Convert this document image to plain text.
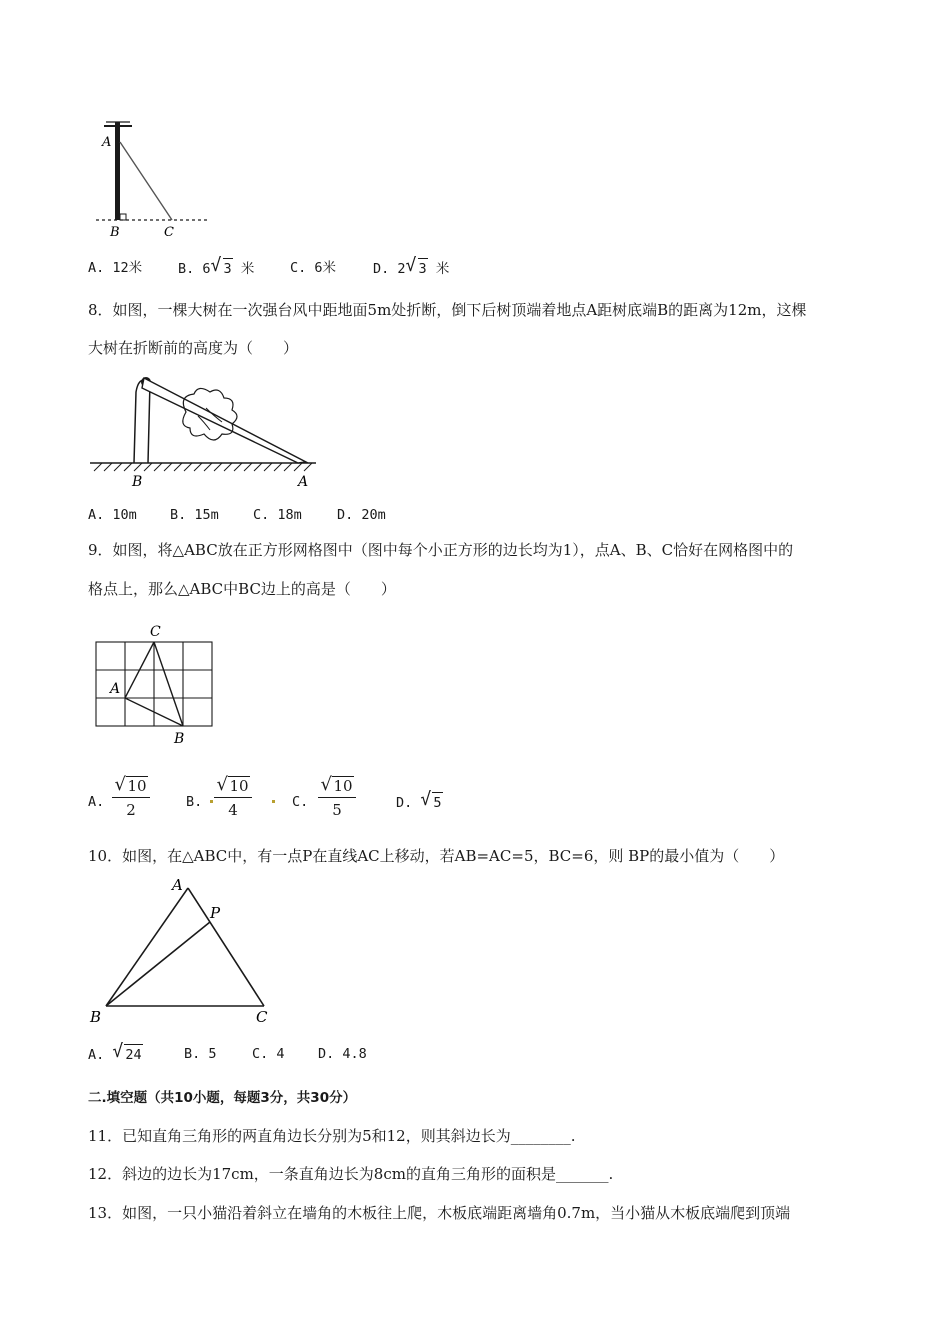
A
B	C
A. 12米	B. 6 √ 3 米	C. 6米	D. 2 √ 3 米
8．如图，一棵大树在一次强台风中距地面5m处折断，倒下后树顶端着地点A距树底端B的距离为12m，这棵
大树在折断前的高度为（　　）
B	A
A. 10m B. 15m	C. 18m	D. 20m
9．如图，将△ABC放在正方形网格图中（图中每个小正方形的边长均为1），点A、B、C恰好在网格图中的
格点上，那么△ABC中BC边上的高是（　　）
C
A
B
A.
√ 10
2	B.
√ 10
4	C.
√ 10
5	D. √ 5
10．如图，在△ABC中，有一点P在直线AC上移动，若AB=AC=5，BC=6，则 BP的最小值为（　　）
A
P
B	C
A. √ 24	B. 5	C. 4 D. 4.8
二.填空题（共10小题，每题3分，共30分）
11．已知直角三角形的两直角边长分别为5和12，则其斜边长为________.
12．斜边的边长为17cm，一条直角边长为8cm的直角三角形的面积是_______.
13．如图，一只小猫沿着斜立在墙角的木板往上爬，木板底端距离墙角0.7m，当小猫从木板底端爬到顶端
